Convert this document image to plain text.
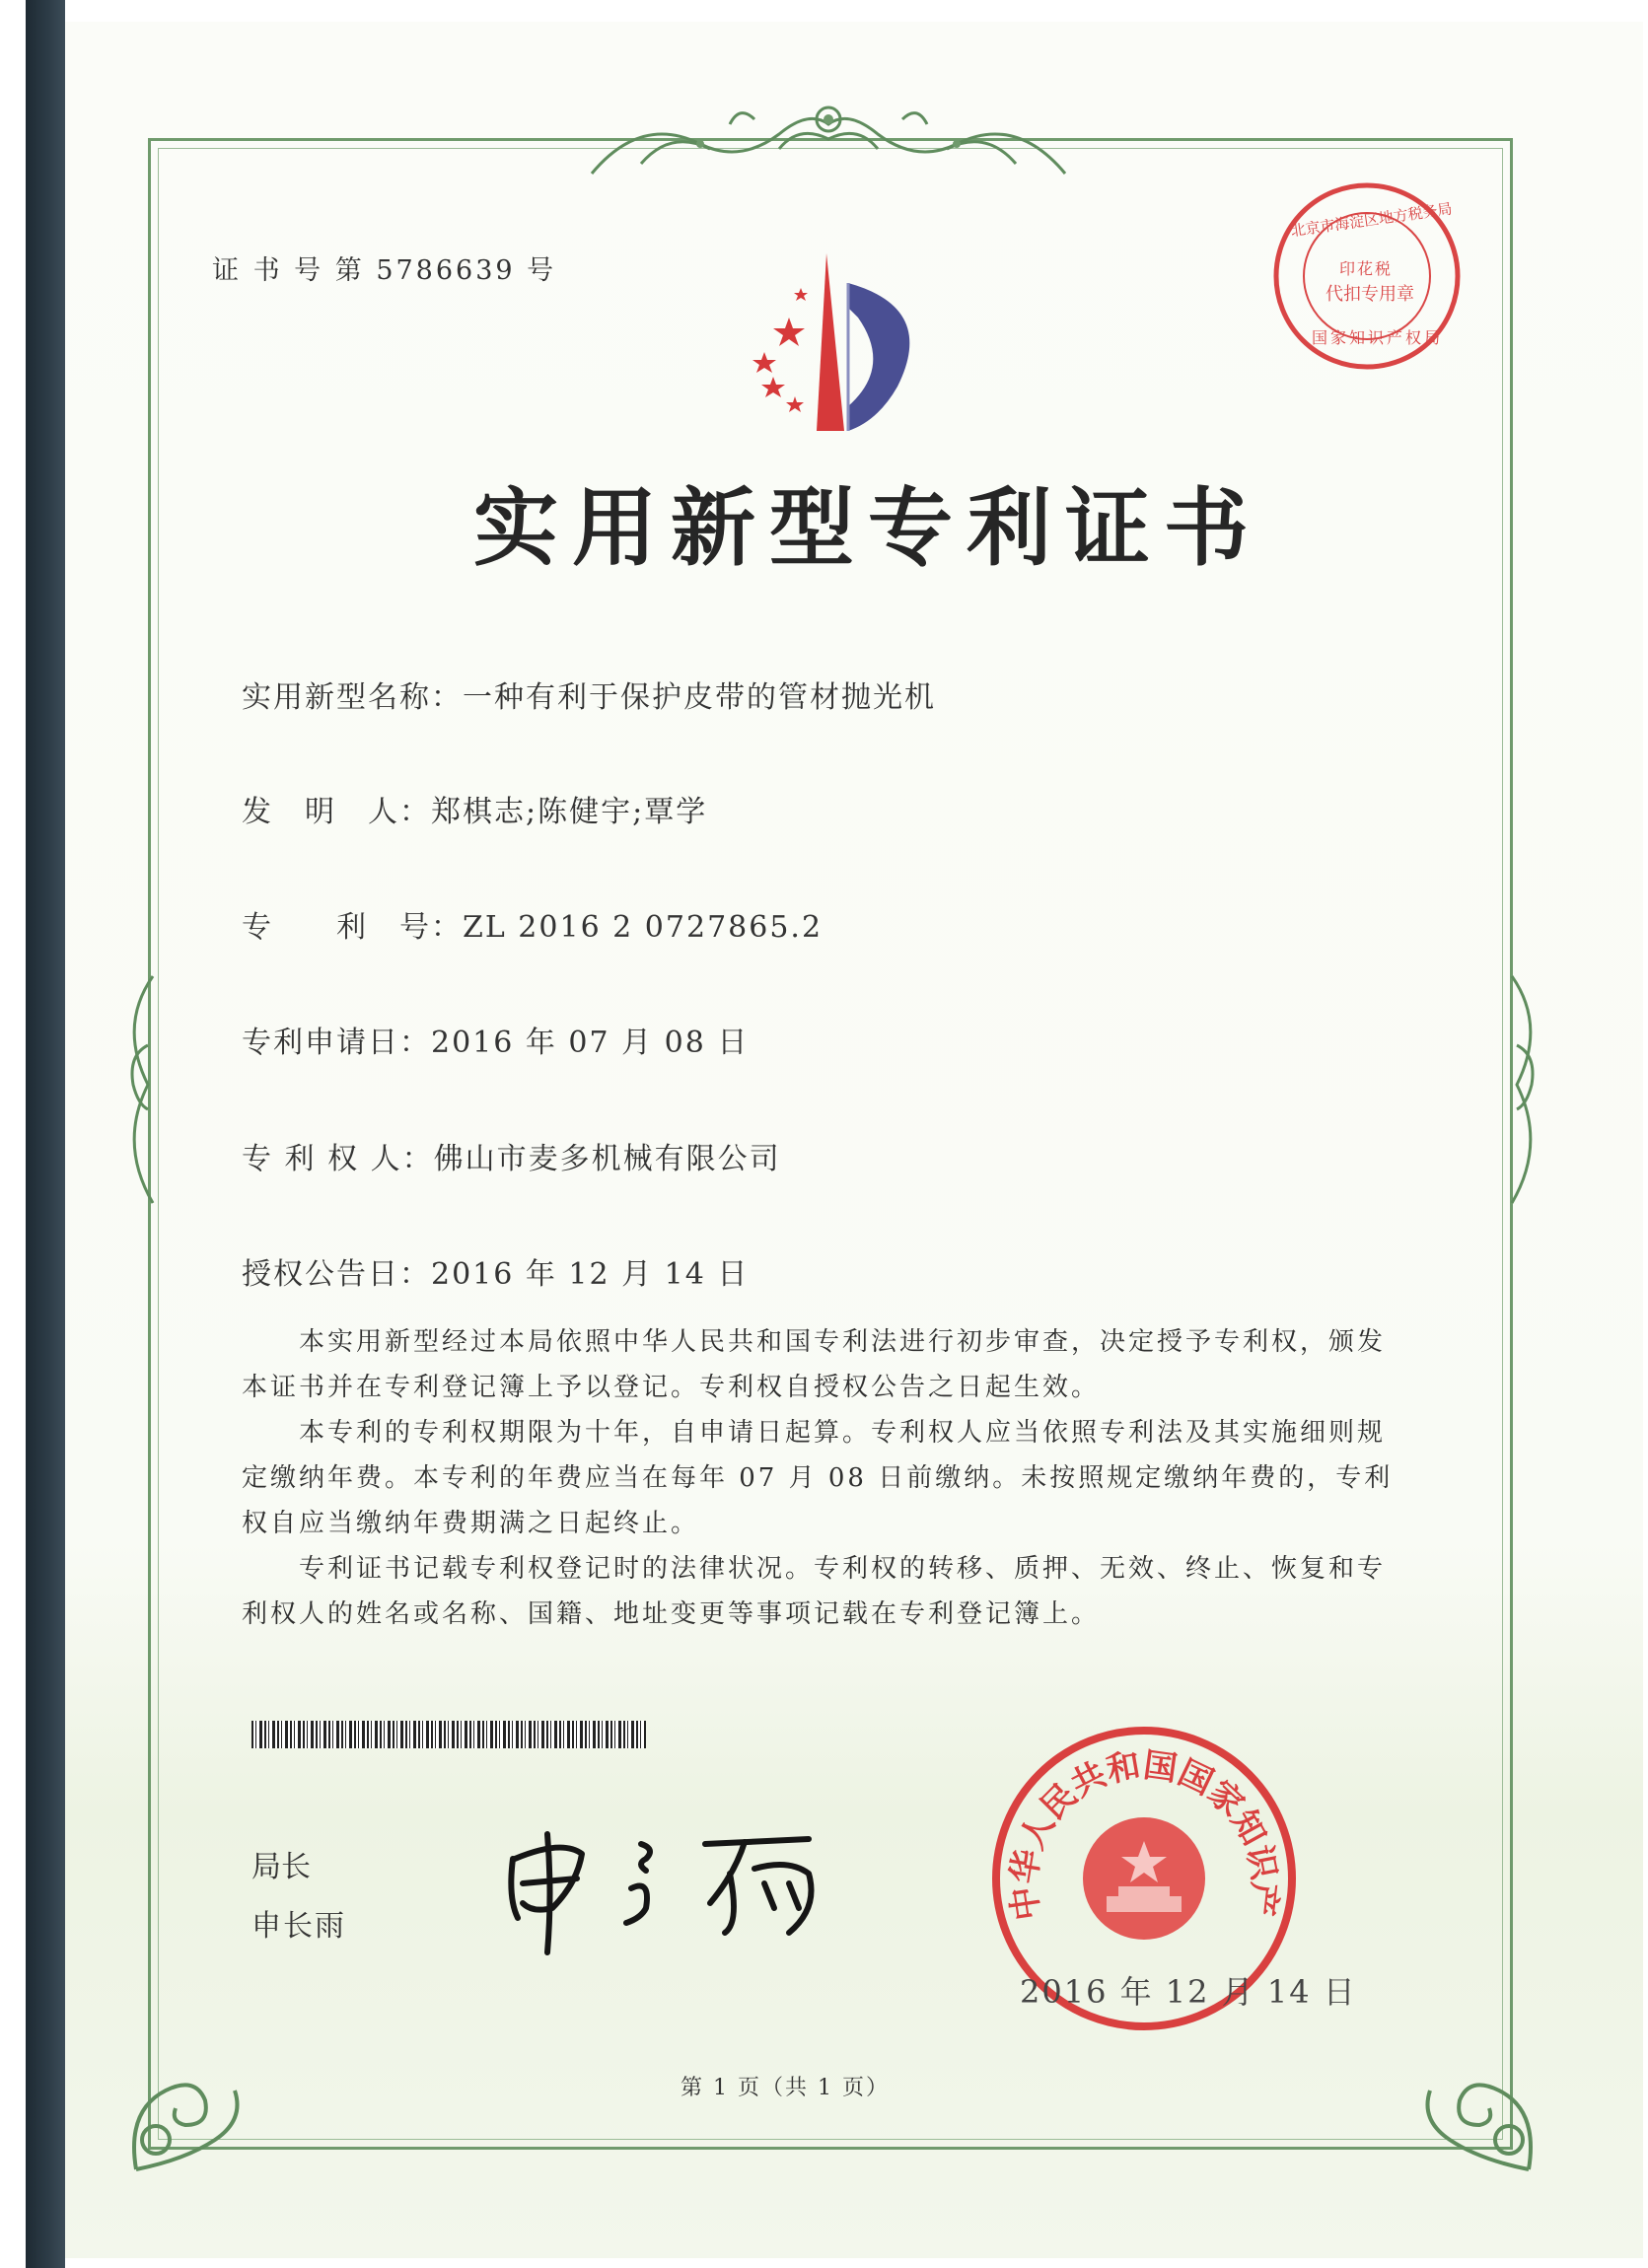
证 书 号 第 5786639 号
北京市海淀区地方税务局
印花税
代扣专用章
国家知识产权局
实用新型专利证书
实用新型名称：一种有利于保护皮带的管材抛光机
发　明　人：郑棋志;陈健宇;覃学
专　　利　号：ZL 2016 2 0727865.2
专利申请日：2016 年 07 月 08 日
专 利 权 人：佛山市麦多机械有限公司
授权公告日：2016 年 12 月 14 日

本实用新型经过本局依照中华人民共和国专利法进行初步审查，决定授予专利权，颁发本证书并在专利登记簿上予以登记。专利权自授权公告之日起生效。

本专利的专利权期限为十年，自申请日起算。专利权人应当依照专利法及其实施细则规定缴纳年费。本专利的年费应当在每年 07 月 08 日前缴纳。未按照规定缴纳年费的，专利权自应当缴纳年费期满之日起终止。

专利证书记载专利权登记时的法律状况。专利权的转移、质押、无效、终止、恢复和专利权人的姓名或名称、国籍、地址变更等事项记载在专利登记簿上。

局长
申长雨
中华人民共和国国家知识产
2016 年 12 月 14 日
第 1 页（共 1 页）
